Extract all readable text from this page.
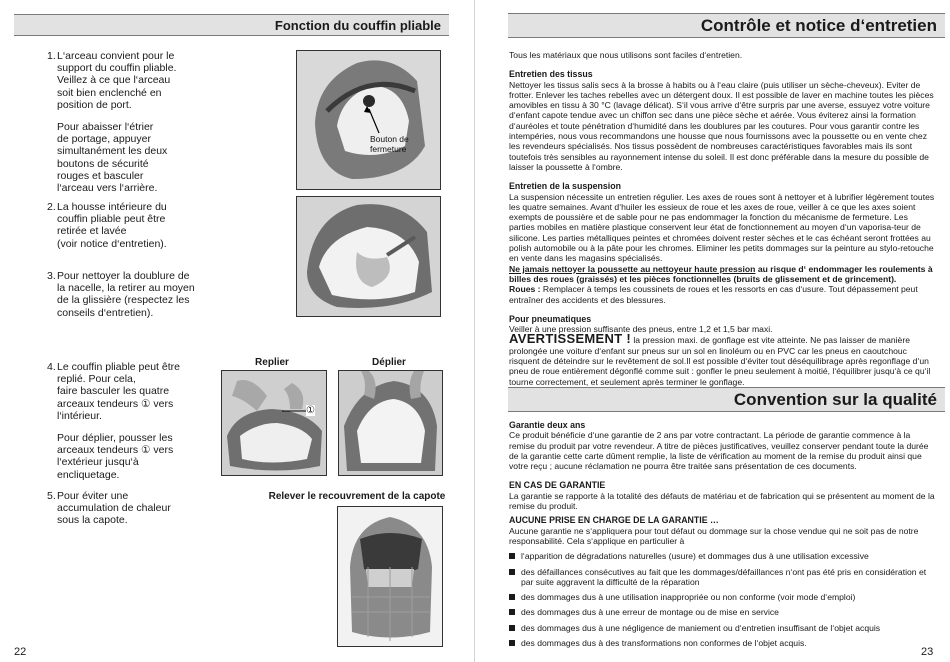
Fonction du couffin pliable
1. L‘arceau convient pour le
support du couffin pliable.
Veillez à ce que l‘arceau
soit bien enclenché en
position de port.
Pour abaisser l‘étrier
de portage, appuyer
simultanément les deux
boutons de sécurité
rouges et basculer
l‘arceau vers l‘arrière.
2. La housse intérieure du
couffin pliable peut être
retirée et lavée
(voir notice d‘entretien).
3. Pour nettoyer la doublure de
la nacelle, la retirer au moyen
de la glissière (respectez les
conseils d‘entretien).
4. Le couffin pliable peut être
replié. Pour cela,
faire basculer les quatre
arceaux tendeurs ① vers
l‘intérieur.
Pour déplier, pousser les
arceaux tendeurs ① vers
l‘extérieur jusqu‘à
encliquetage.
5. Pour éviter une
accumulation de chaleur
sous la capote.
Bouton de
fermeture
Replier	Déplier
①
Relever le recouvrement de la capote
22
Contrôle et notice d‘entretien

Tous les matériaux que nous utilisons sont faciles d‘entretien.

Entretien des tissus

Nettoyer les tissus salis secs à la brosse à habits ou à l‘eau claire (puis utiliser un sèche-cheveux). Eviter de frotter. Enlever les taches rebelles avec un détergent doux. Il est possible de laver en machine toutes les pièces amovibles en tissu à 30 °C (lavage délicat). S‘il vous arrive d‘être surpris par une averse, essuyez votre voiture d‘enfant capote tendue avec un chiffon sec dans une pièce sèche et aérée. Vous éviterez ainsi la formation d‘auréoles et toute pénétration d‘humidité dans les doublures par les coutures. Pour vous garantir contre les intempéries, nous vous recommandons une housse que nous fournissons avec la poussette ou en vente chez les revendeurs spécialisés. Nos tissus possèdent de nombreuses caractéristiques favorables mais ils sont toutefois très sensibles au rayonnement intense du soleil. Il est donc préférable dans la mesure du possible de laisser la poussette à l‘ombre.

Entretien de la suspension

La suspension nécessite un entretien régulier. Les axes de roues sont à nettoyer et à lubrifier légèrement toutes les quatre semaines. Avant d‘huiler les essieux de roue et les axes de roue, veiller à ce que les axes soient exempts de poussière et de sable pour ne pas endommager la fonction du mécanisme de fermeture. Les parties mobiles en matière plastique conservent leur état de fonctionnement au moyen d‘un vaporisa-teur de silicone. Les parties métalliques peintes et chromées doivent rester sèches et le cas échéant seront frottées au polish automobile ou à la pâte pour les chromes. Eliminer les petits dommages sur la peinture au stylo-retouche en vente dans les magasins spécialisés.

Ne jamais nettoyer la poussette au nettoyeur haute pression au risque d‘ endommager les roulements à billes des roues (graissés) et les pièces fonctionnelles (bruits de glissement et de grincement).

Roues : Remplacer à temps les coussinets de roues et les ressorts en cas d‘usure. Tout dépassement peut entraîner des accidents et des blessures.

Pour pneumatiques

Veiller à une pression suffisante des pneus, entre 1,2 et 1,5 bar maxi.

AVERTISSEMENT ! la pression maxi. de gonflage est vite atteinte. Ne pas laisser de manière prolongée une voiture d‘enfant sur pneus sur un sol en linoléum ou en PVC car les pneus en caoutchouc risquent de déteindre sur le revêtement de sol.Il est possible d‘éviter tout déséquilibrage après regonflage d‘un pneu de roue entièrement dégonflé comme suit : gonfler le pneu seulement à moitié, l‘équilibrer jusqu‘à ce qu‘il tourne correctement, et seulement après terminer le gonflage.

Convention sur la qualité

Garantie deux ans

Ce produit bénéficie d‘une garantie de 2 ans par votre contractant. La période de garantie commence à la remise du produit par votre revendeur. A titre de pièces justificatives, veuillez conserver pendant toute la durée de la garantie cette carte dûment remplie, la liste de vérification au moment de la remise du produit ainsi que votre reçu ; aucune réclamation ne pourra être traitée sans présentation de ces documents.

EN CAS DE GARANTIE

La garantie se rapporte à la totalité des défauts de matériau et de fabrication qui se présentent au moment de la remise du produit.

AUCUNE PRISE EN CHARGE DE LA GARANTIE …

Aucune garantie ne s‘appliquera pour tout défaut ou dommage sur la chose vendue qui ne soit pas de notre responsabilité. Cela s‘applique en particulier à

l‘apparition de dégradations naturelles (usure) et dommages dus à une utilisation excessive
des défaillances consécutives au fait que les dommages/défaillances n‘ont pas été pris en considération et par suite aggravent la difficulté de la réparation
des dommages dus à une utilisation inappropriée ou non conforme (voir mode d‘emploi)
des dommages dus à une erreur de montage ou de mise en service
des dommages dus à une négligence de maniement ou d‘entretien insuffisant de l‘objet acquis
des dommages dus à des transformations non conformes de l‘objet acquis.
23
